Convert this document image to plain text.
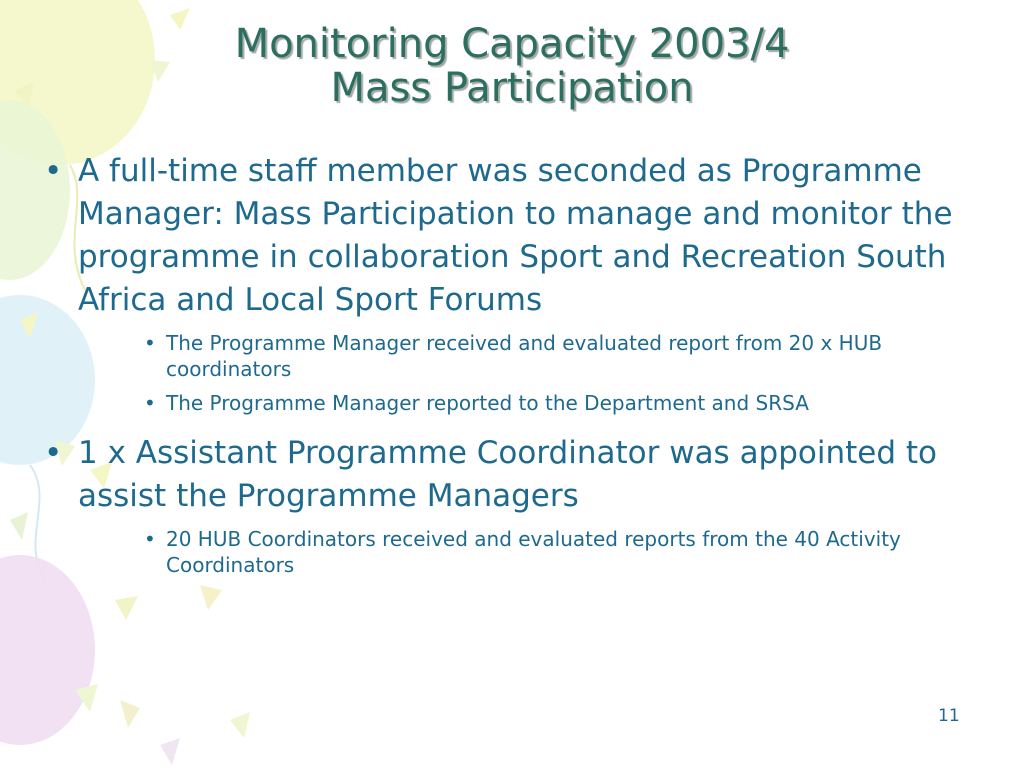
Monitoring Capacity 2003/4
Mass Participation
• A full-time staff member was seconded as Programme Manager: Mass Participation to manage and monitor the programme in collaboration Sport and Recreation South Africa and Local Sport Forums
• The Programme Manager received and evaluated report from 20 x HUB coordinators
• The Programme Manager reported to the Department and SRSA
• 1 x Assistant Programme Coordinator was appointed to assist the Programme Managers
• 20 HUB Coordinators received and evaluated reports from the 40 Activity Coordinators
11
